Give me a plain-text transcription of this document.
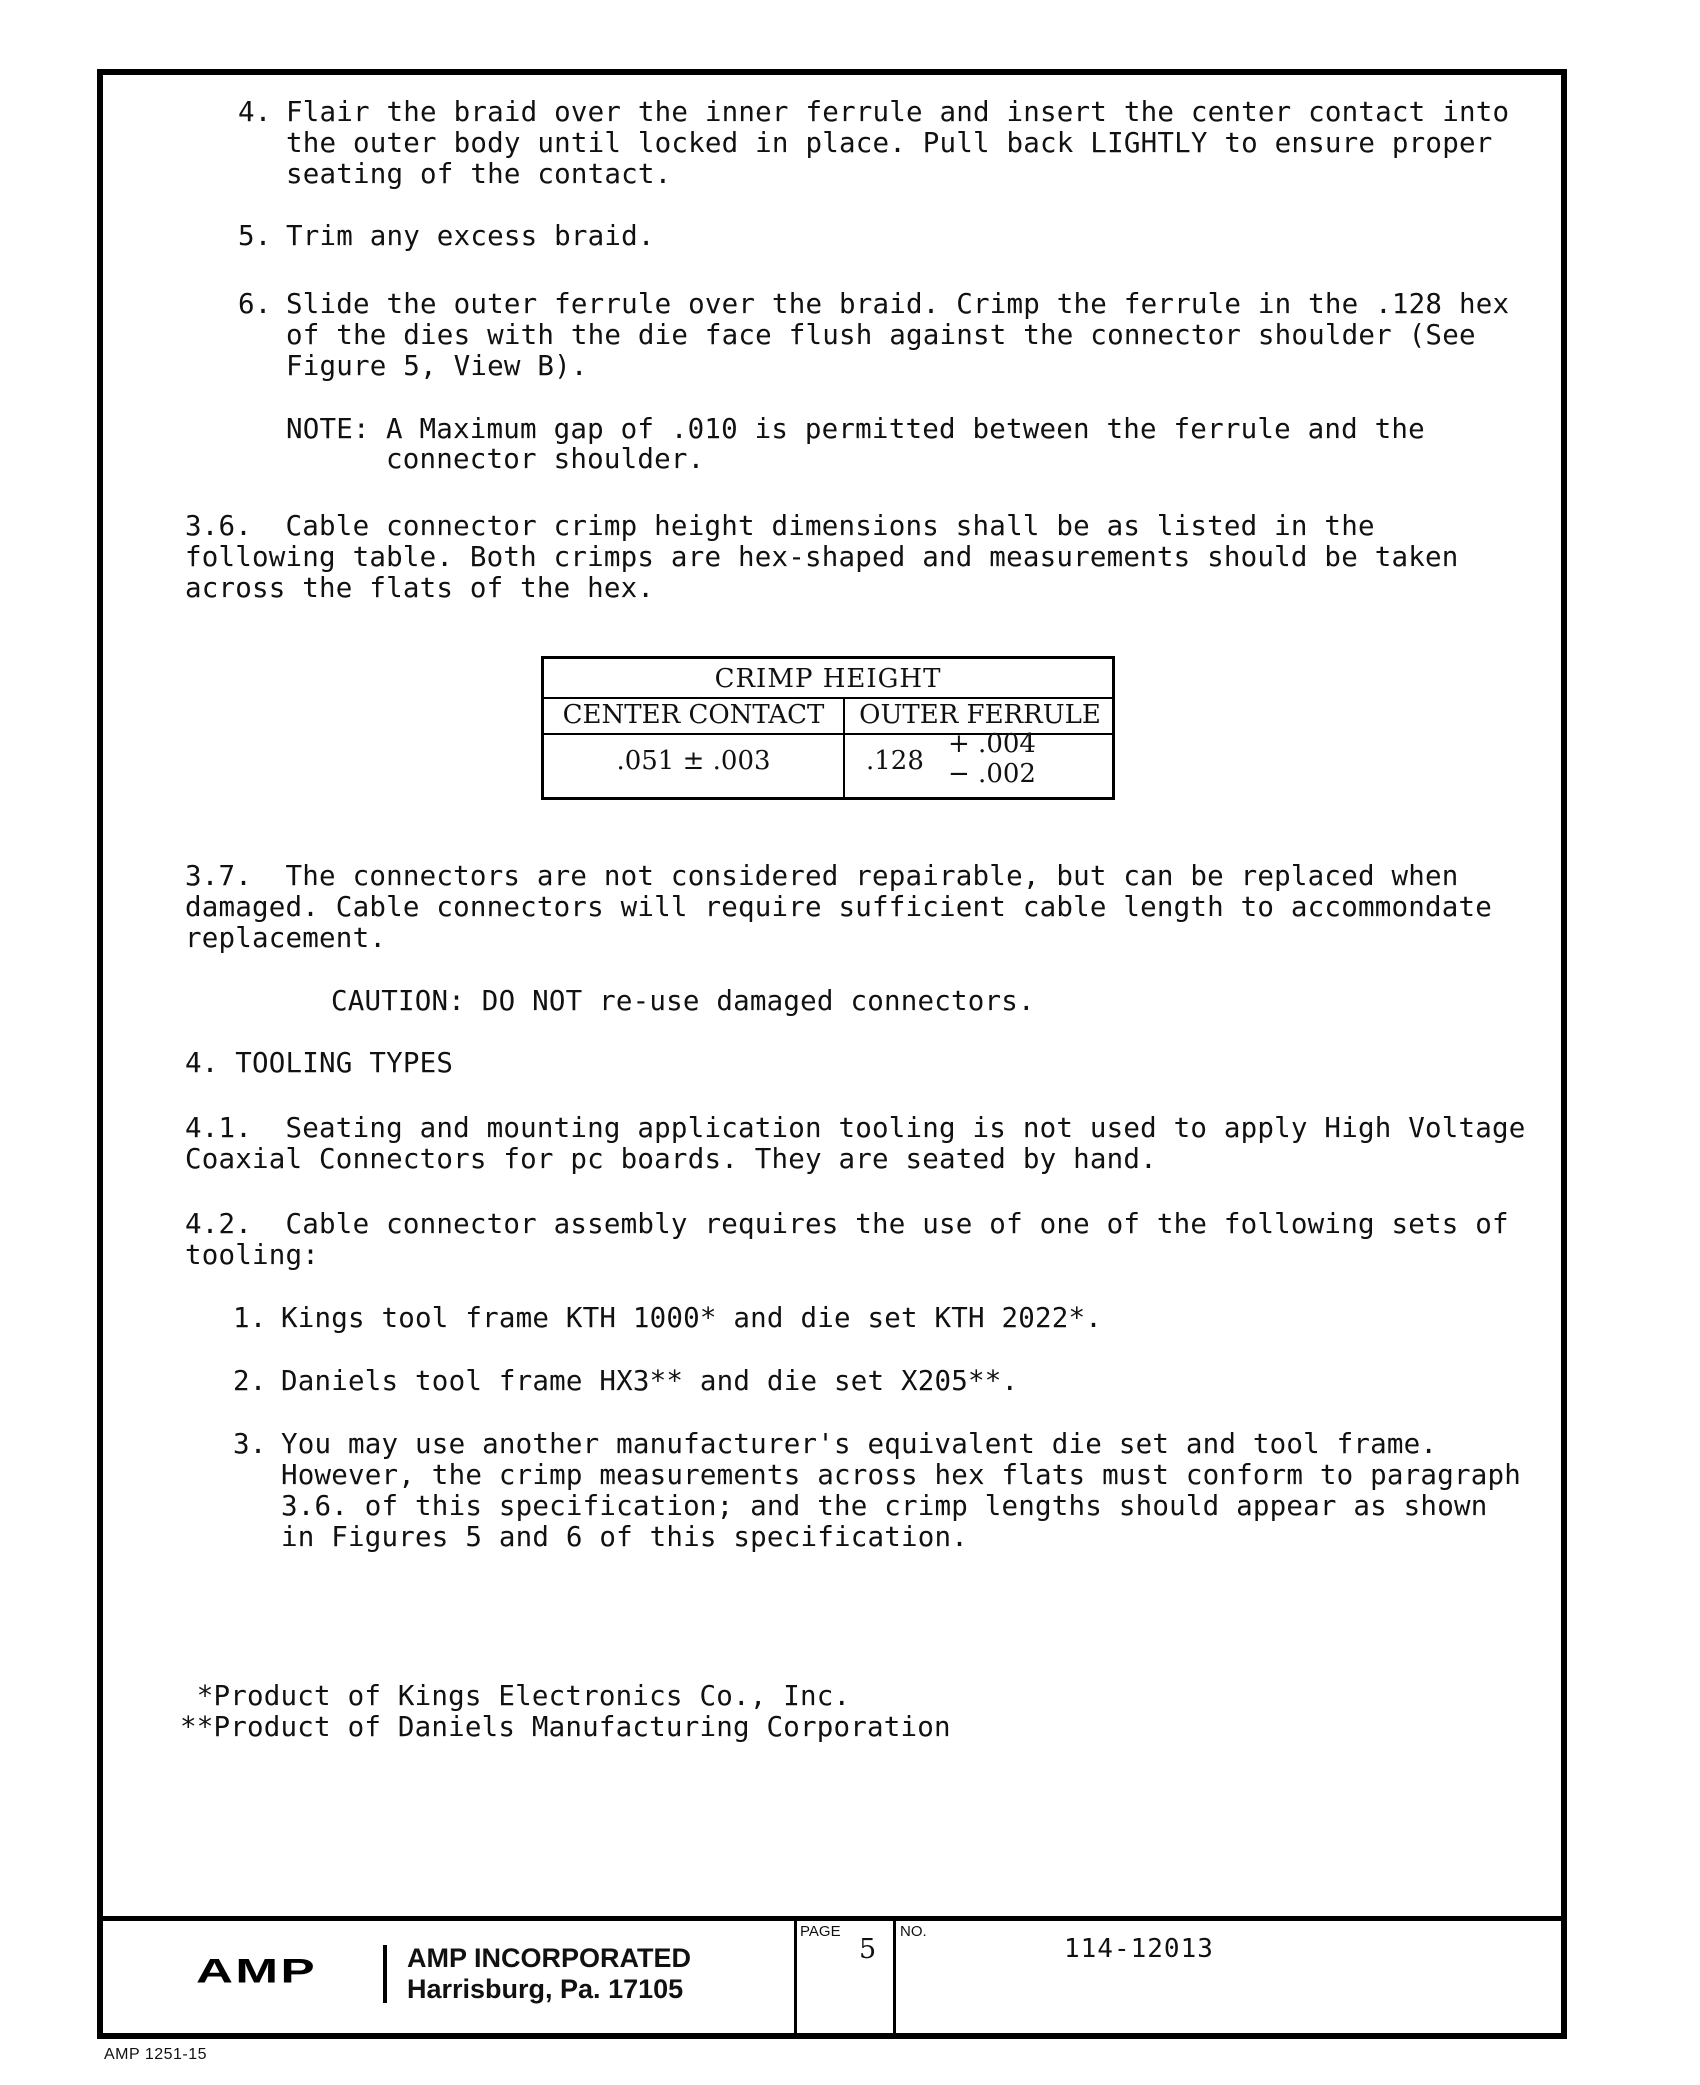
4. Flair the braid over the inner ferrule and insert the center contact into
the outer body until locked in place. Pull back LIGHTLY to ensure proper
seating of the contact.
5. Trim any excess braid.
6. Slide the outer ferrule over the braid. Crimp the ferrule in the .128 hex
of the dies with the die face flush against the connector shoulder (See
Figure 5, View B).
NOTE: A Maximum gap of .010 is permitted between the ferrule and the
connector shoulder.
3.6.  Cable connector crimp height dimensions shall be as listed in the
following table. Both crimps are hex-shaped and measurements should be taken
across the flats of the hex.
CRIMP HEIGHT
CENTER CONTACT	OUTER FERRULE
.051 ± .003	.128
+ .004
− .002
3.7.  The connectors are not considered repairable, but can be replaced when
damaged. Cable connectors will require sufficient cable length to accommondate
replacement.
CAUTION: DO NOT re-use damaged connectors.
4. TOOLING TYPES
4.1.  Seating and mounting application tooling is not used to apply High Voltage
Coaxial Connectors for pc boards. They are seated by hand.
4.2.  Cable connector assembly requires the use of one of the following sets of
tooling:
1. Kings tool frame KTH 1000* and die set KTH 2022*.
2. Daniels tool frame HX3** and die set X205**.
3. You may use another manufacturer's equivalent die set and tool frame.
However, the crimp measurements across hex flats must conform to paragraph
3.6. of this specification; and the crimp lengths should appear as shown
in Figures 5 and 6 of this specification.
*Product of Kings Electronics Co., Inc.
**Product of Daniels Manufacturing Corporation
AMP	AMP INCORPORATED
Harrisburg, Pa. 17105
PAGE
5
NO.
114-12013
AMP 1251-15
